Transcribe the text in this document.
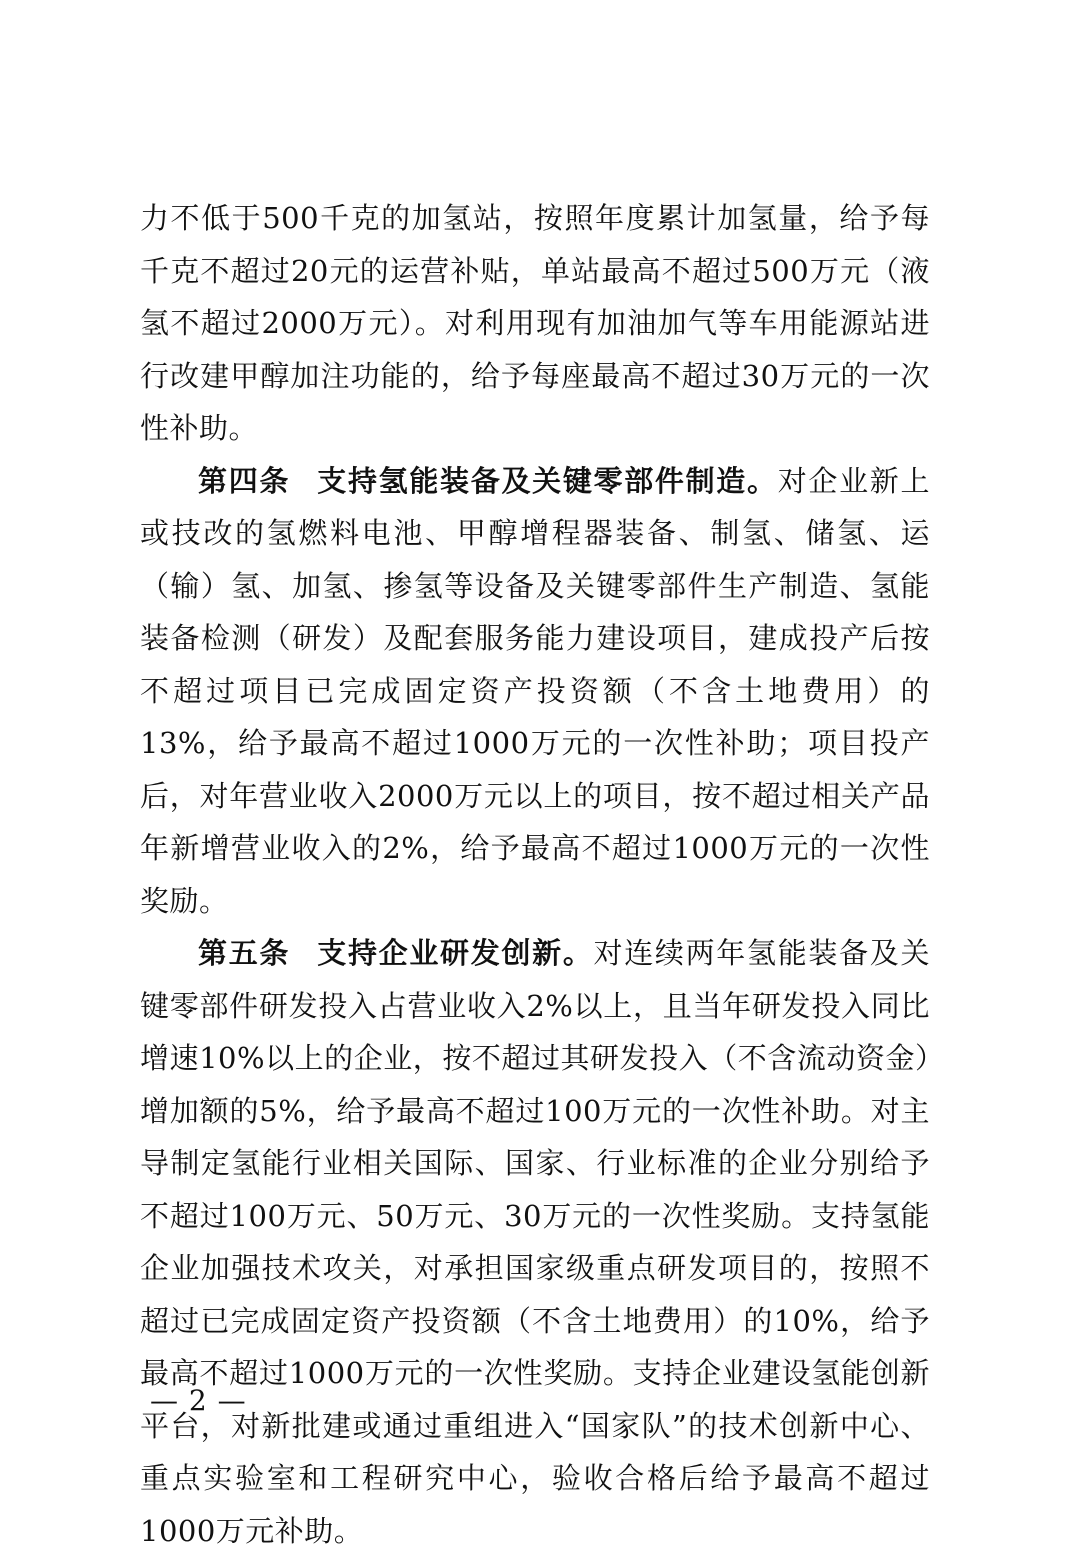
力不低于500千克的加氢站，按照年度累计加氢量，给予每千克不超过20元的运营补贴，单站最高不超过500万元（液氢不超过2000万元）。对利用现有加油加气等车用能源站进行改建甲醇加注功能的，给予每座最高不超过30万元的一次性补助。

第四条 支持氢能装备及关键零部件制造。对企业新上或技改的氢燃料电池、甲醇增程器装备、制氢、储氢、运（输）氢、加氢、掺氢等设备及关键零部件生产制造、氢能装备检测（研发）及配套服务能力建设项目，建成投产后按不超过项目已完成固定资产投资额（不含土地费用）的13%，给予最高不超过1000万元的一次性补助；项目投产后，对年营业收入2000万元以上的项目，按不超过相关产品年新增营业收入的2%，给予最高不超过1000万元的一次性奖励。

第五条 支持企业研发创新。对连续两年氢能装备及关键零部件研发投入占营业收入2%以上，且当年研发投入同比增速10%以上的企业，按不超过其研发投入（不含流动资金）增加额的5%，给予最高不超过100万元的一次性补助。对主导制定氢能行业相关国际、国家、行业标准的企业分别给予不超过100万元、50万元、30万元的一次性奖励。支持氢能企业加强技术攻关，对承担国家级重点研发项目的，按照不超过已完成固定资产投资额（不含土地费用）的10%，给予最高不超过1000万元的一次性奖励。支持企业建设氢能创新平台，对新批建或通过重组进入“国家队”的技术创新中心、重点实验室和工程研究中心，验收合格后给予最高不超过1000万元补助。

— 2 —
